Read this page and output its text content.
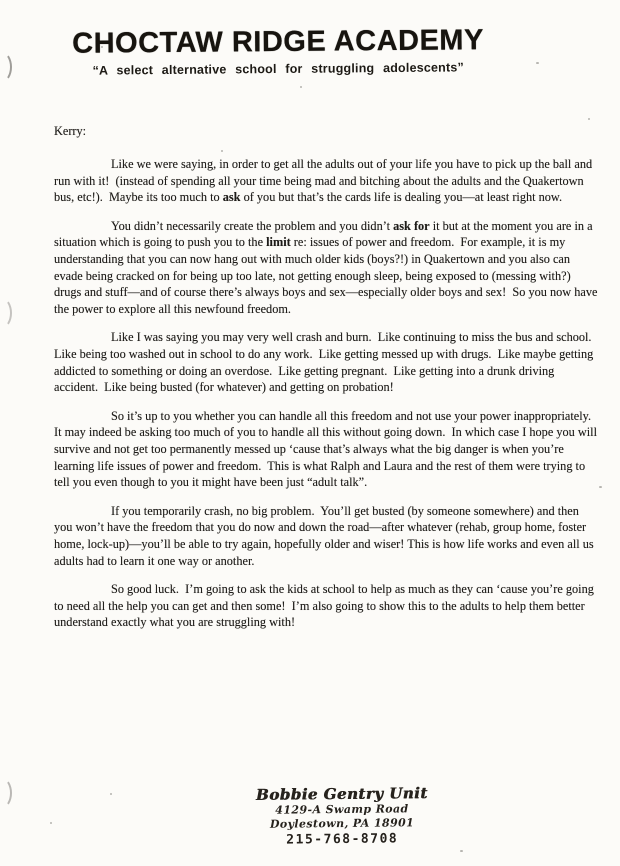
CHOCTAW RIDGE ACADEMY

“A select alternative school for struggling adolescents”

Kerry:

Like we were saying, in order to get all the adults out of your life you have to pick up the ball and run with it!  (instead of spending all your time being mad and bitching about the adults and the Quakertown bus, etc!).  Maybe its too much to ask of you but that’s the cards life is dealing you—at least right now.

You didn’t necessarily create the problem and you didn’t ask for it but at the moment you are in a situation which is going to push you to the limit re: issues of power and freedom.  For example, it is my understanding that you can now hang out with much older kids (boys?!) in Quakertown and you also can evade being cracked on for being up too late, not getting enough sleep, being exposed to (messing with?) drugs and stuff—and of course there’s always boys and sex—especially older boys and sex!  So you now have the power to explore all this newfound freedom.

Like I was saying you may very well crash and burn.  Like continuing to miss the bus and school.  Like being too washed out in school to do any work.  Like getting messed up with drugs.  Like maybe getting addicted to something or doing an overdose.  Like getting pregnant.  Like getting into a drunk driving accident.  Like being busted (for whatever) and getting on probation!

So it’s up to you whether you can handle all this freedom and not use your power inappropriately.  It may indeed be asking too much of you to handle all this without going down.  In which case I hope you will survive and not get too permanently messed up ‘cause that’s always what the big danger is when you’re learning life issues of power and freedom.  This is what Ralph and Laura and the rest of them were trying to tell you even though to you it might have been just “adult talk”.

If you temporarily crash, no big problem.  You’ll get busted (by someone somewhere) and then you won’t have the freedom that you do now and down the road—after whatever (rehab, group home, foster home, lock-up)—you’ll be able to try again, hopefully older and wiser! This is how life works and even all us adults had to learn it one way or another.

So good luck.  I’m going to ask the kids at school to help as much as they can ‘cause you’re going to need all the help you can get and then some!  I’m also going to show this to the adults to help them better understand exactly what you are struggling with!

Bobbie Gentry Unit
4129-A Swamp Road
Doylestown, PA 18901
215-768-8708
